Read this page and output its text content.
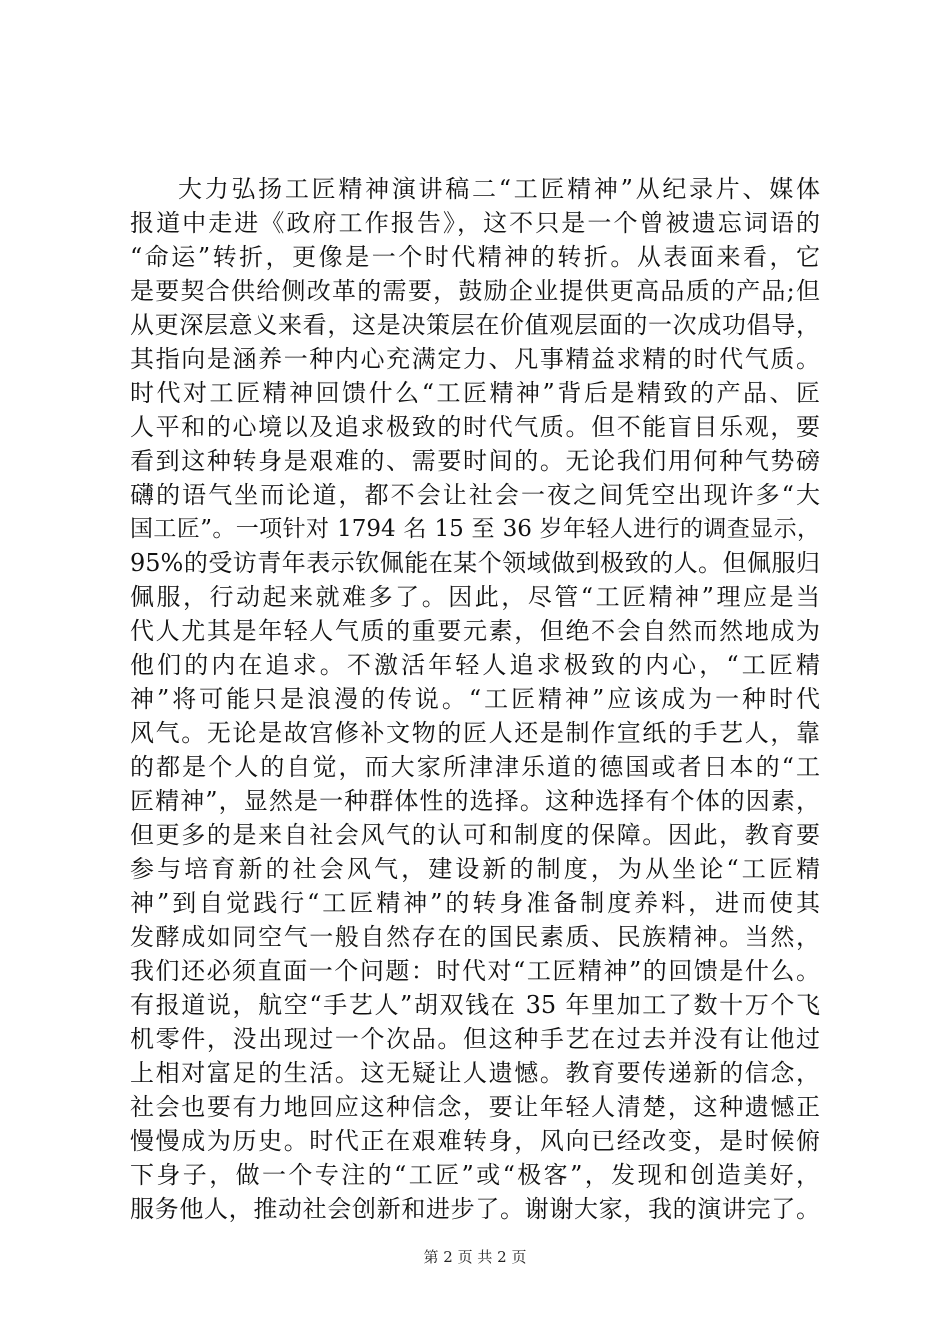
大力弘扬工匠精神演讲稿二“工匠精神”从纪录片、媒体
报道中走进《政府工作报告》，这不只是一个曾被遗忘词语的
“命运”转折，更像是一个时代精神的转折。从表面来看，它
是要契合供给侧改革的需要，鼓励企业提供更高品质的产品;但
从更深层意义来看，这是决策层在价值观层面的一次成功倡导，
其指向是涵养一种内心充满定力、凡事精益求精的时代气质。
时代对工匠精神回馈什么“工匠精神”背后是精致的产品、匠
人平和的心境以及追求极致的时代气质。但不能盲目乐观，要
看到这种转身是艰难的、需要时间的。无论我们用何种气势磅
礴的语气坐而论道，都不会让社会一夜之间凭空出现许多“大
国工匠”。一项针对 1794 名 15 至 36 岁年轻人进行的调查显示，
95%的受访青年表示钦佩能在某个领域做到极致的人。但佩服归
佩服，行动起来就难多了。因此，尽管“工匠精神”理应是当
代人尤其是年轻人气质的重要元素，但绝不会自然而然地成为
他们的内在追求。不激活年轻人追求极致的内心，“工匠精
神”将可能只是浪漫的传说。“工匠精神”应该成为一种时代
风气。无论是故宫修补文物的匠人还是制作宣纸的手艺人，靠
的都是个人的自觉，而大家所津津乐道的德国或者日本的“工
匠精神”，显然是一种群体性的选择。这种选择有个体的因素，
但更多的是来自社会风气的认可和制度的保障。因此，教育要
参与培育新的社会风气，建设新的制度，为从坐论“工匠精
神”到自觉践行“工匠精神”的转身准备制度养料，进而使其
发酵成如同空气一般自然存在的国民素质、民族精神。当然，
我们还必须直面一个问题：时代对“工匠精神”的回馈是什么。
有报道说，航空“手艺人”胡双钱在 35 年里加工了数十万个飞
机零件，没出现过一个次品。但这种手艺在过去并没有让他过
上相对富足的生活。这无疑让人遗憾。教育要传递新的信念，
社会也要有力地回应这种信念，要让年轻人清楚，这种遗憾正
慢慢成为历史。时代正在艰难转身，风向已经改变，是时候俯
下身子，做一个专注的“工匠”或“极客”，发现和创造美好，
服务他人，推动社会创新和进步了。谢谢大家，我的演讲完了。
第 2 页 共 2 页
